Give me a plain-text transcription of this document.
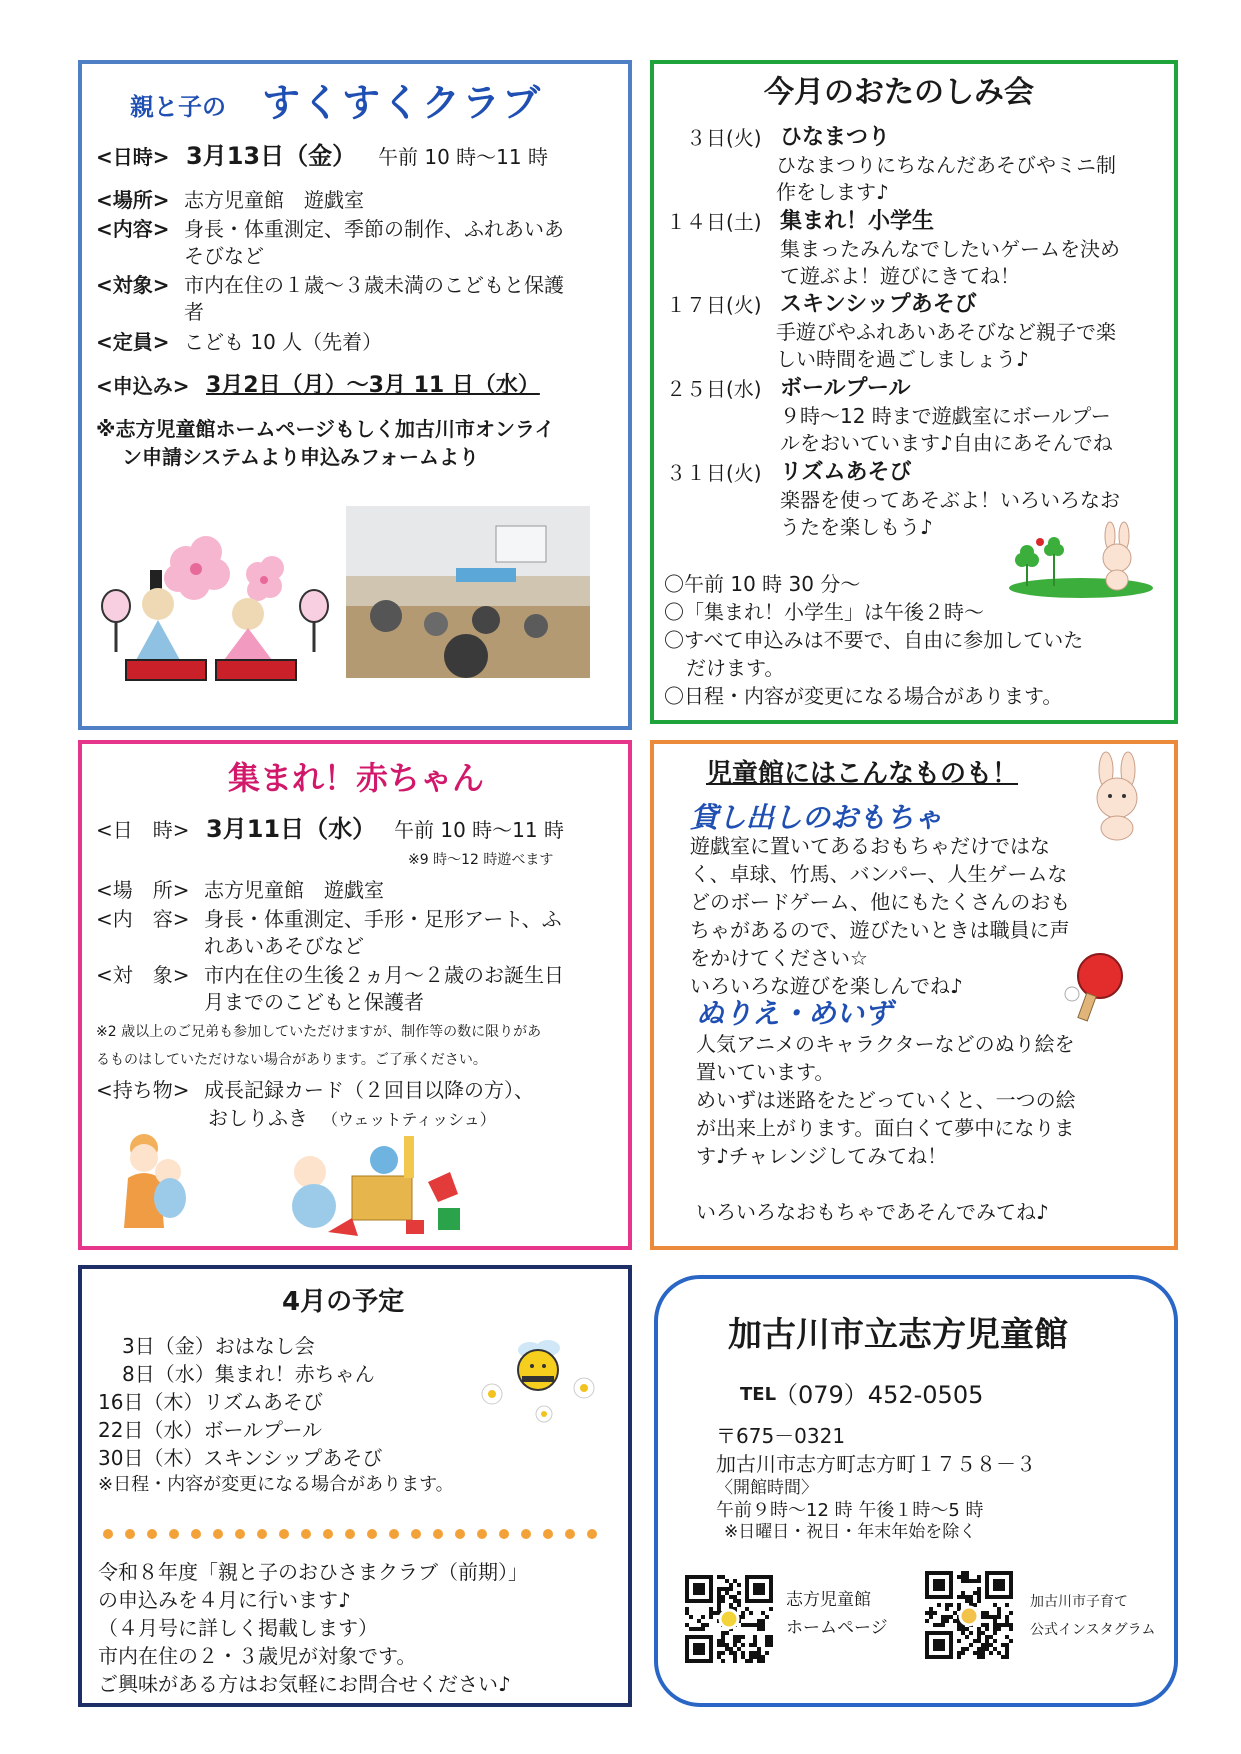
親と子の すくすくクラブ
<日時> 3月13日（金） 午前 10 時～11 時
<場所> 志方児童館　遊戯室
<内容> 身長・体重測定、季節の制作、ふれあいあ
そびなど
<対象> 市内在住の１歳～３歳未満のこどもと保護
者
<定員> こども 10 人（先着）
<申込み> 3月2日（月）～3月 11 日（水）
※志方児童館ホームページもしく加古川市オンライ
ン申請システムより申込みフォームより
今月のおたのしみ会
３日(火) ひなまつり
ひなまつりにちなんだあそびやミニ制
作をします♪
１４日(土) 集まれ！小学生
集まったみんなでしたいゲームを決め
て遊ぶよ！遊びにきてね！
１７日(火) スキンシップあそび
手遊びやふれあいあそびなど親子で楽
しい時間を過ごしましょう♪
２５日(水) ボールプール
９時～12 時まで遊戯室にボールプー
ルをおいています♪自由にあそんでね
３１日(火) リズムあそび
楽器を使ってあそぶよ！いろいろなお
うたを楽しもう♪
〇午前 10 時 30 分～
〇「集まれ！小学生」は午後２時～
〇すべて申込みは不要で、自由に参加していた
だけます。
〇日程・内容が変更になる場合があります。
集まれ！赤ちゃん
<日　時> 3月11日（水） 午前 10 時～11 時
※9 時～12 時遊べます
<場　所> 志方児童館　遊戯室
<内　容> 身長・体重測定、手形・足形アート、ふ
れあいあそびなど
<対　象> 市内在住の生後２ヵ月～２歳のお誕生日
月までのこどもと保護者
※2 歳以上のご兄弟も参加していただけますが、制作等の数に限りがあ
るものはしていただけない場合があります。ご了承ください。
<持ち物> 成長記録カード（２回目以降の方）、
おしりふき （ウェットティッシュ）
児童館にはこんなものも！
貸し出しのおもちゃ
遊戯室に置いてあるおもちゃだけではな
く、卓球、竹馬、バンパー、人生ゲームな
どのボードゲーム、他にもたくさんのおも
ちゃがあるので、遊びたいときは職員に声
をかけてください☆
いろいろな遊びを楽しんでね♪
ぬりえ・めいず
人気アニメのキャラクターなどのぬり絵を
置いています。
めいずは迷路をたどっていくと、一つの絵
が出来上がります。面白くて夢中になりま
す♪チャレンジしてみてね！
いろいろなおもちゃであそんでみてね♪
4月の予定
3日（金）おはなし会
8日（水）集まれ！赤ちゃん
16日（木）リズムあそび
22日（水）ボールプール
30日（木）スキンシップあそび
※日程・内容が変更になる場合があります。
令和８年度「親と子のおひさまクラブ（前期）」
の申込みを４月に行います♪
（４月号に詳しく掲載します）
市内在住の２・３歳児が対象です。
ご興味がある方はお気軽にお問合せください♪
加古川市立志方児童館
TEL
（079）452-0505
〒675－0321
加古川市志方町志方町１７５８－３
〈開館時間〉
午前９時～12 時 午後１時～5 時
※日曜日・祝日・年末年始を除く
志方児童館
ホームページ
加古川市子育て
公式インスタグラム
